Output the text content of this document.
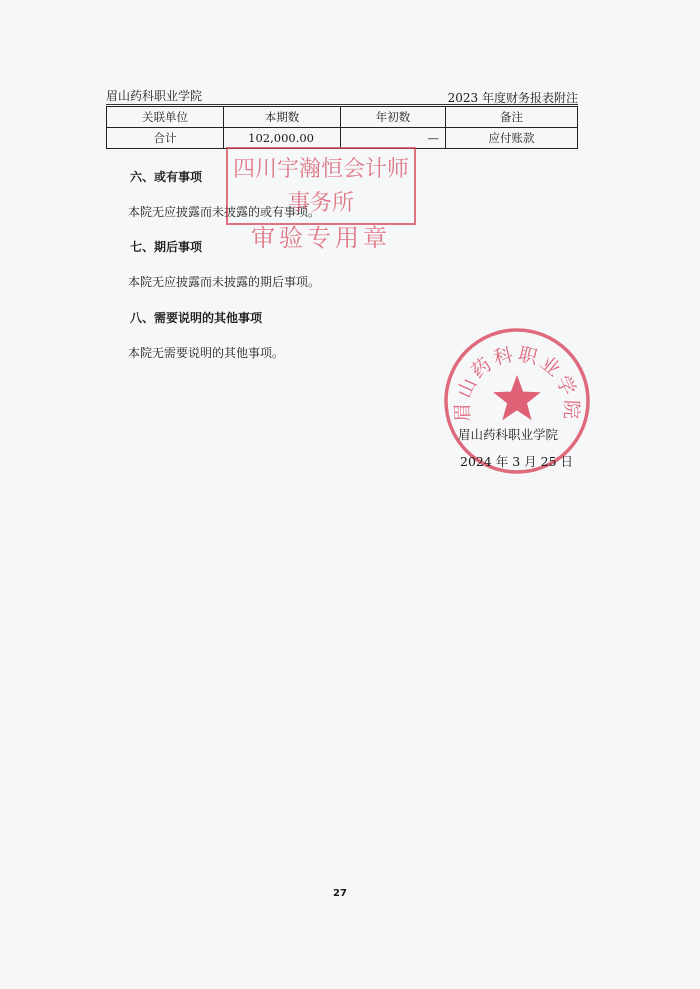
眉山药科职业学院	2023 年度财务报表附注
关联单位	本期数	年初数	备注
合计	102,000.00	—	应付账款
六、或有事项
本院无应披露而未披露的或有事项。
七、期后事项
本院无应披露而未披露的期后事项。
八、需要说明的其他事项
本院无需要说明的其他事项。
四川宇瀚恒会计师事务所
审验专用章
眉山药科职业学院
眉山药科职业学院
2024 年 3 月 25 日
27
